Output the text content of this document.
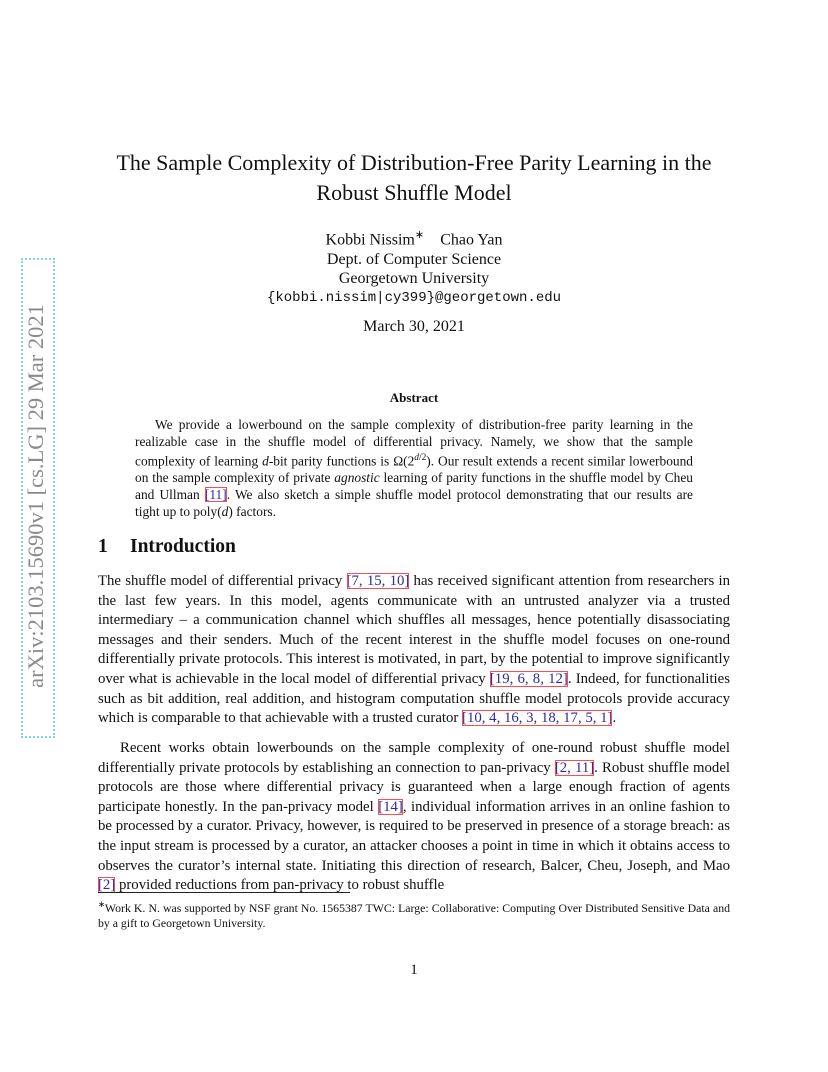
arXiv:2103.15690v1 [cs.LG] 29 Mar 2021
The Sample Complexity of Distribution-Free Parity Learning in the
Robust Shuffle Model
Kobbi Nissim∗ Chao Yan
Dept. of Computer Science
Georgetown University
{kobbi.nissim|cy399}@georgetown.edu
March 30, 2021
Abstract

We provide a lowerbound on the sample complexity of distribution-free parity learning in the realizable case in the shuffle model of differential privacy. Namely, we show that the sample complexity of learning d-bit parity functions is $\Omega(2^{d/2})$. Our result extends a recent similar lowerbound on the sample complexity of private agnostic learning of parity functions in the shuffle model by Cheu and Ullman [11]. We also sketch a simple shuffle model protocol demonstrating that our results are tight up to poly(d) factors.

1 Introduction

The shuffle model of differential privacy [7, 15, 10] has received significant attention from researchers in the last few years. In this model, agents communicate with an untrusted analyzer via a trusted intermediary – a communication channel which shuffles all messages, hence potentially disassociating messages and their senders. Much of the recent interest in the shuffle model focuses on one-round differentially private protocols. This interest is motivated, in part, by the potential to improve significantly over what is achievable in the local model of differential privacy [19, 6, 8, 12]. Indeed, for functionalities such as bit addition, real addition, and histogram computation shuffle model protocols provide accuracy which is comparable to that achievable with a trusted curator [10, 4, 16, 3, 18, 17, 5, 1].

Recent works obtain lowerbounds on the sample complexity of one-round robust shuffle model differentially private protocols by establishing an connection to pan-privacy [2, 11]. Robust shuffle model protocols are those where differential privacy is guaranteed when a large enough fraction of agents participate honestly. In the pan-privacy model [14], individual information arrives in an online fashion to be processed by a curator. Privacy, however, is required to be preserved in presence of a storage breach: as the input stream is processed by a curator, an attacker chooses a point in time in which it obtains access to observes the curator’s internal state. Initiating this direction of research, Balcer, Cheu, Joseph, and Mao [2] provided reductions from pan-privacy to robust shuffle

∗Work K. N. was supported by NSF grant No. 1565387 TWC: Large: Collaborative: Computing Over Distributed Sensitive Data and by a gift to Georgetown University.

1
